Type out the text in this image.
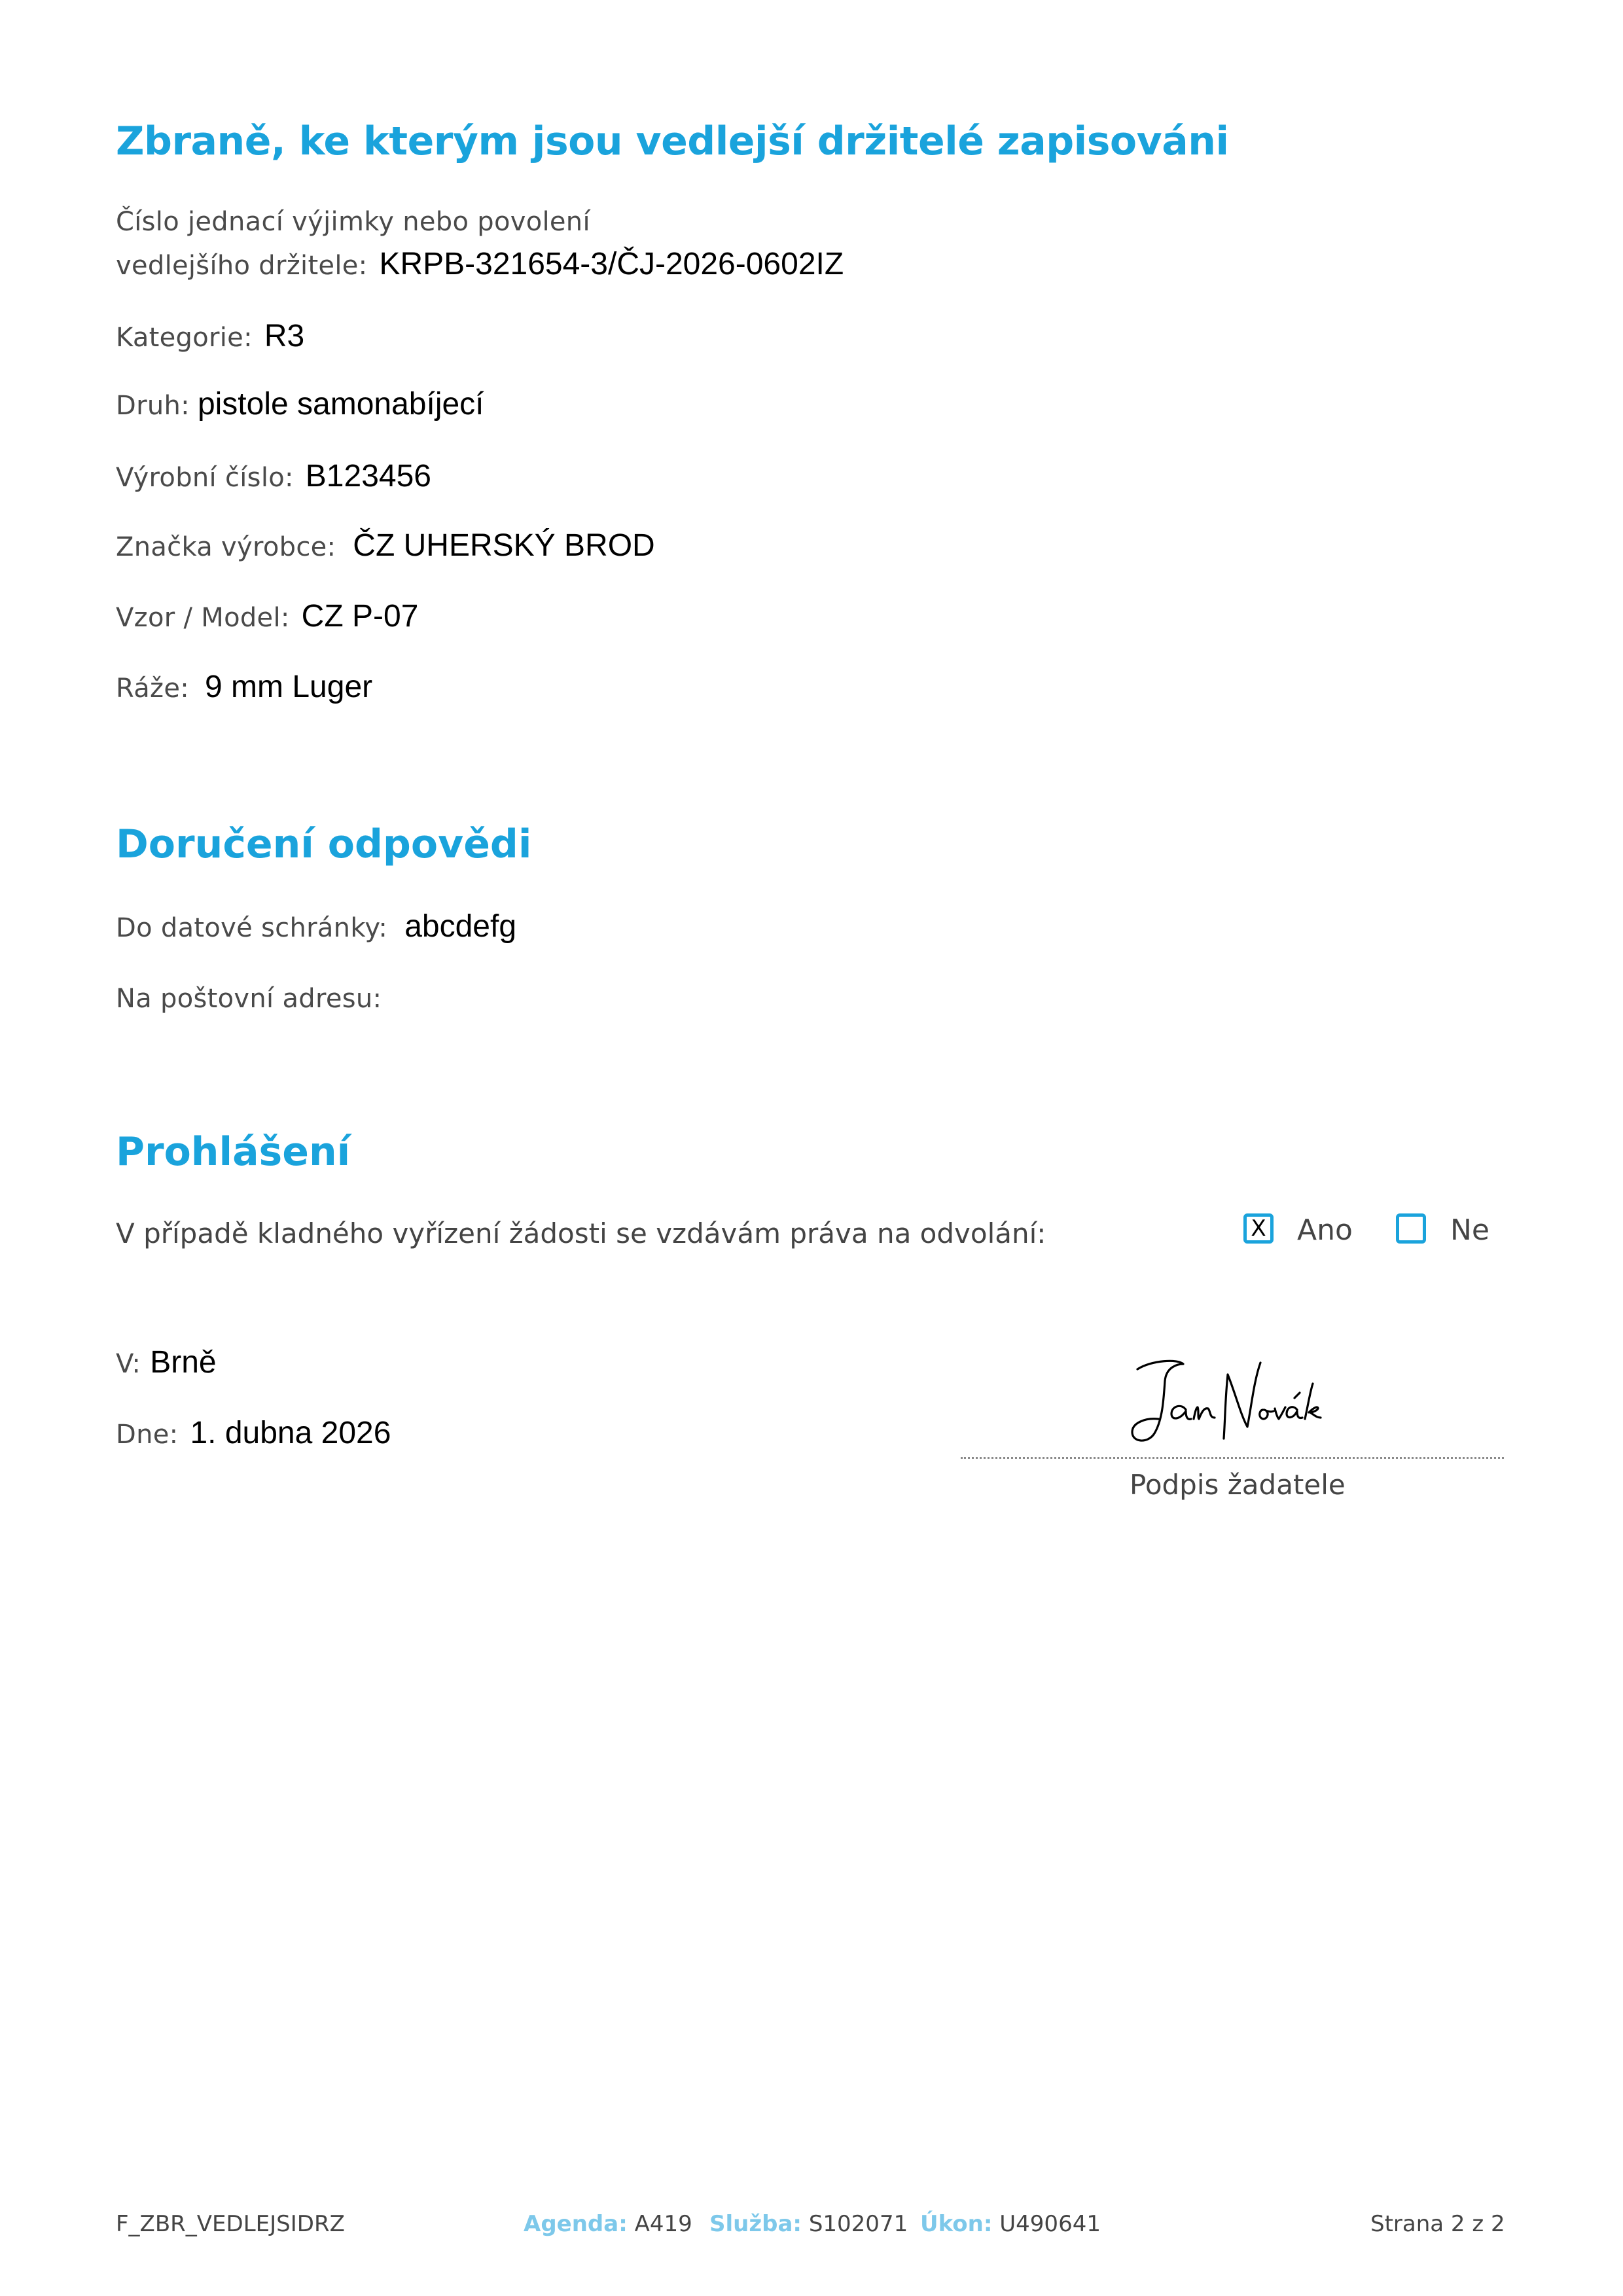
Zbraně, ke kterým jsou vedlejší držitelé zapisováni
Číslo jednací výjimky nebo povolení
vedlejšího držitele: KRPB-321654-3/ČJ-2026-0602IZ
Kategorie: R3
Druh: pistole samonabíjecí
Výrobní číslo: B123456
Značka výrobce: ČZ UHERSKÝ BROD
Vzor / Model: CZ P-07
Ráže: 9 mm Luger
Doručení odpovědi
Do datové schránky: abcdefg
Na poštovní adresu:
Prohlášení
V případě kladného vyřízení žádosti se vzdávám práva na odvolání:	X Ano	Ne
V: Brně
Dne: 1. dubna 2026
Podpis žadatele
F_ZBR_VEDLEJSIDRZ	Agenda: A419 Služba: S102071 Úkon: U490641	Strana 2 z 2
